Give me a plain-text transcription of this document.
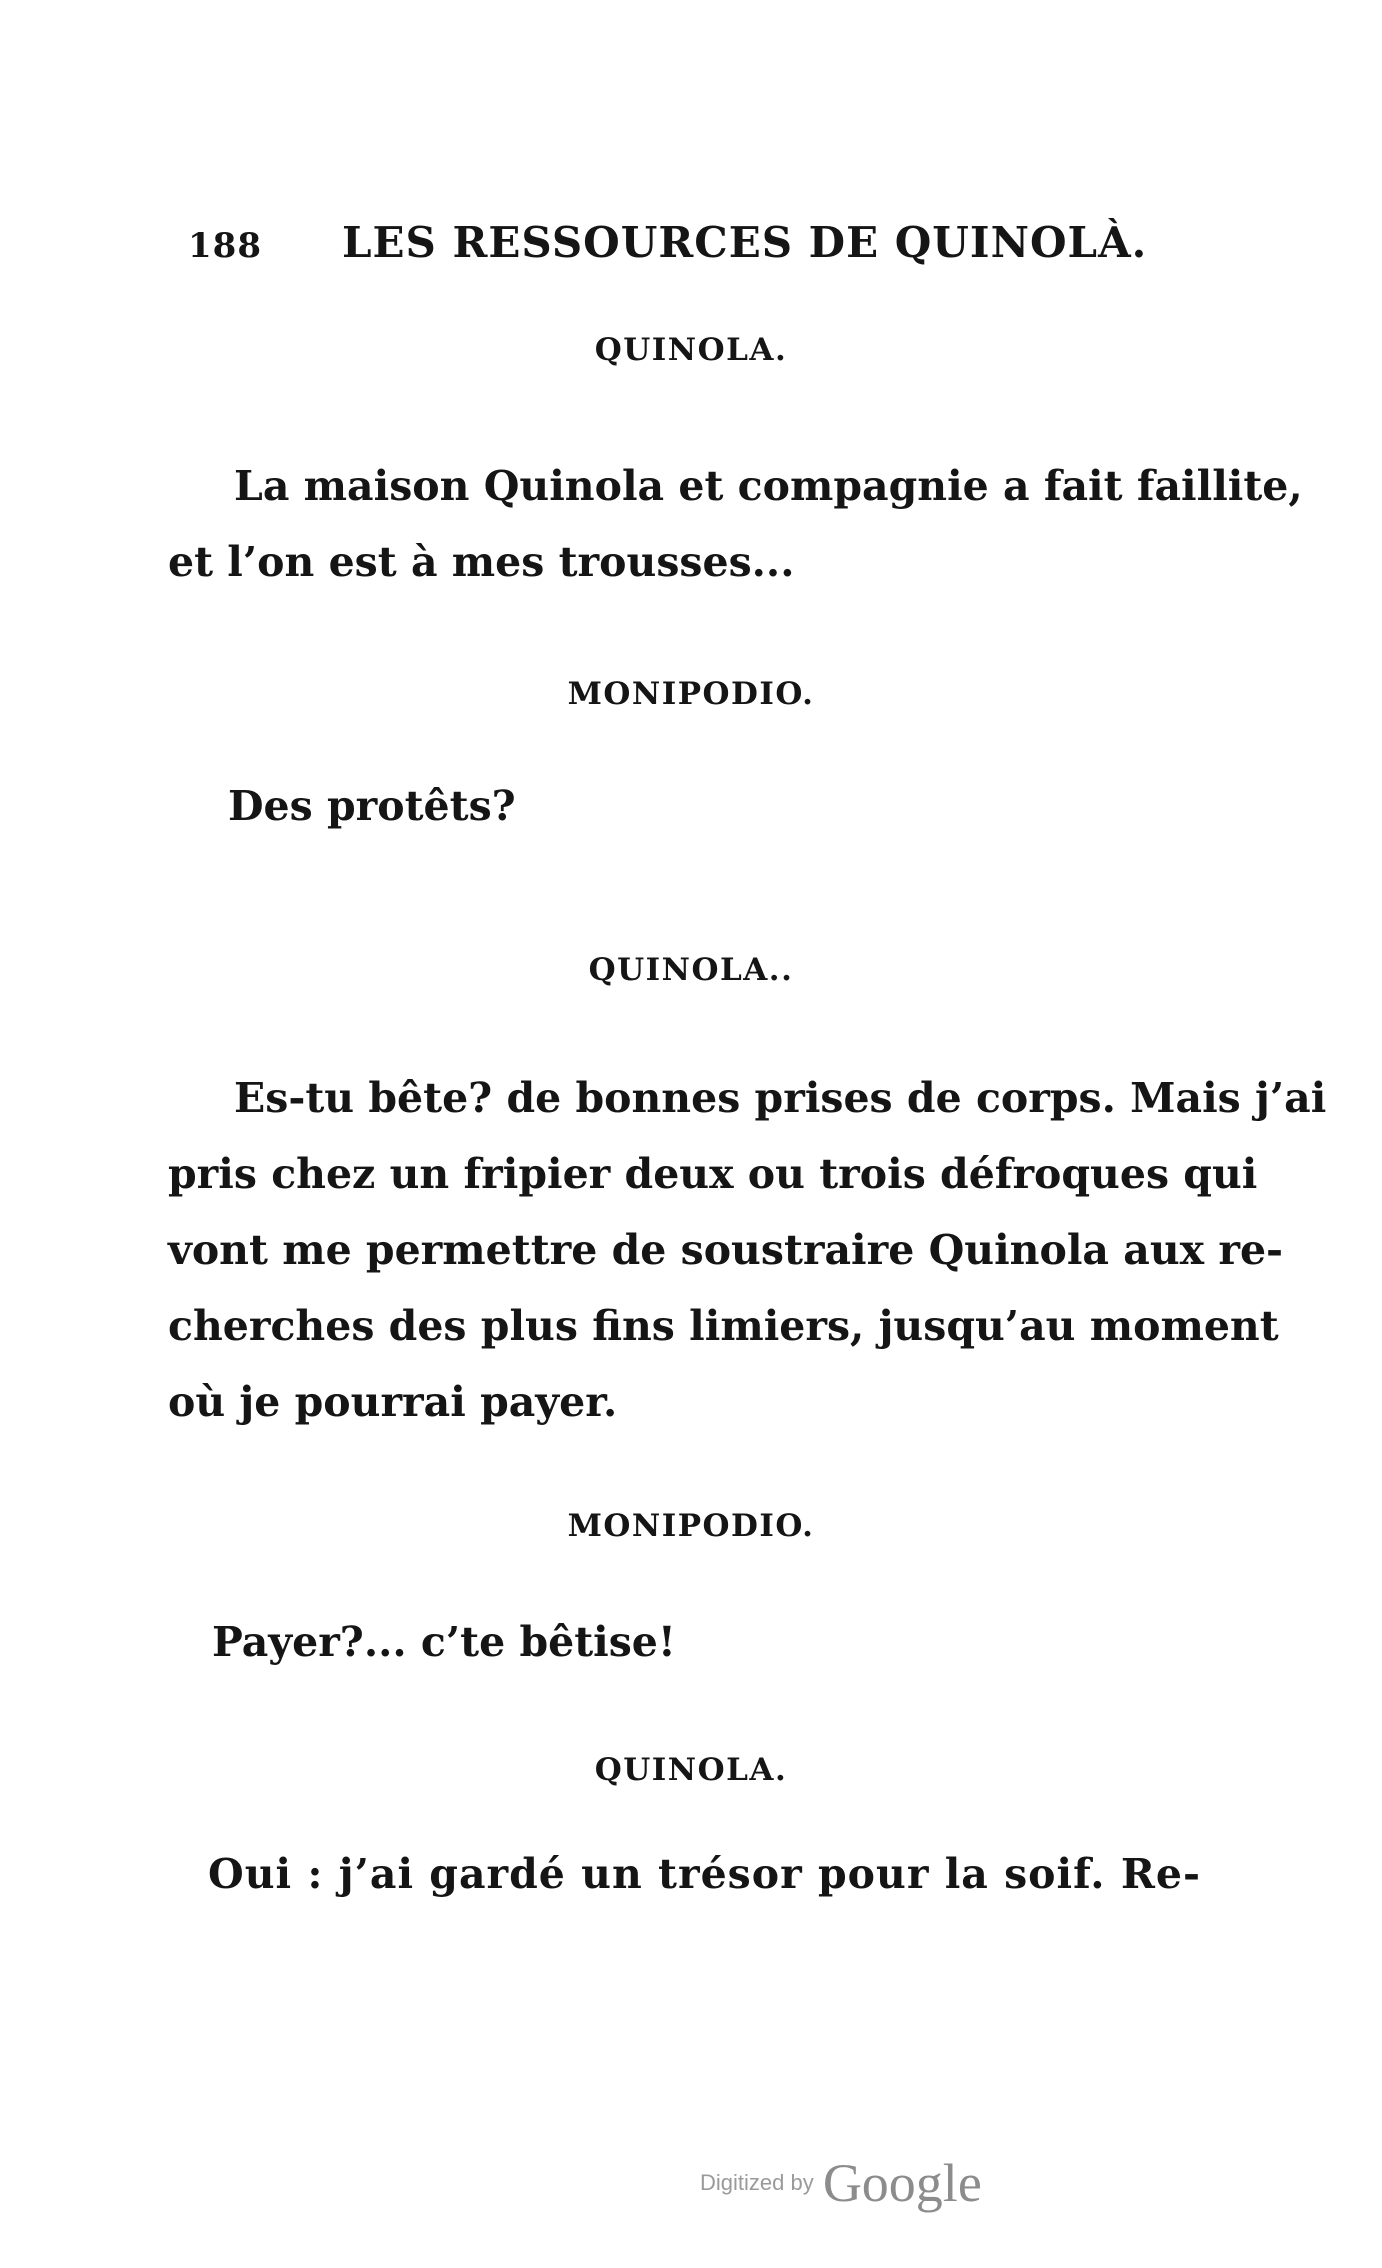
188 LES RESSOURCES DE QUINOLÀ.
QUINOLA.
La maison Quinola et compagnie a fait faillite,
et l’on est à mes trousses...
MONIPODIO.
Des protêts?
QUINOLA..
Es-tu bête? de bonnes prises de corps. Mais j’ai
pris chez un fripier deux ou trois défroques qui
vont me permettre de soustraire Quinola aux re-
cherches des plus fins limiers, jusqu’au moment
où je pourrai payer.
MONIPODIO.
Payer?... c’te bêtise!
QUINOLA.
Oui : j’ai gardé un trésor pour la soif. Re-
Digitized by Google
